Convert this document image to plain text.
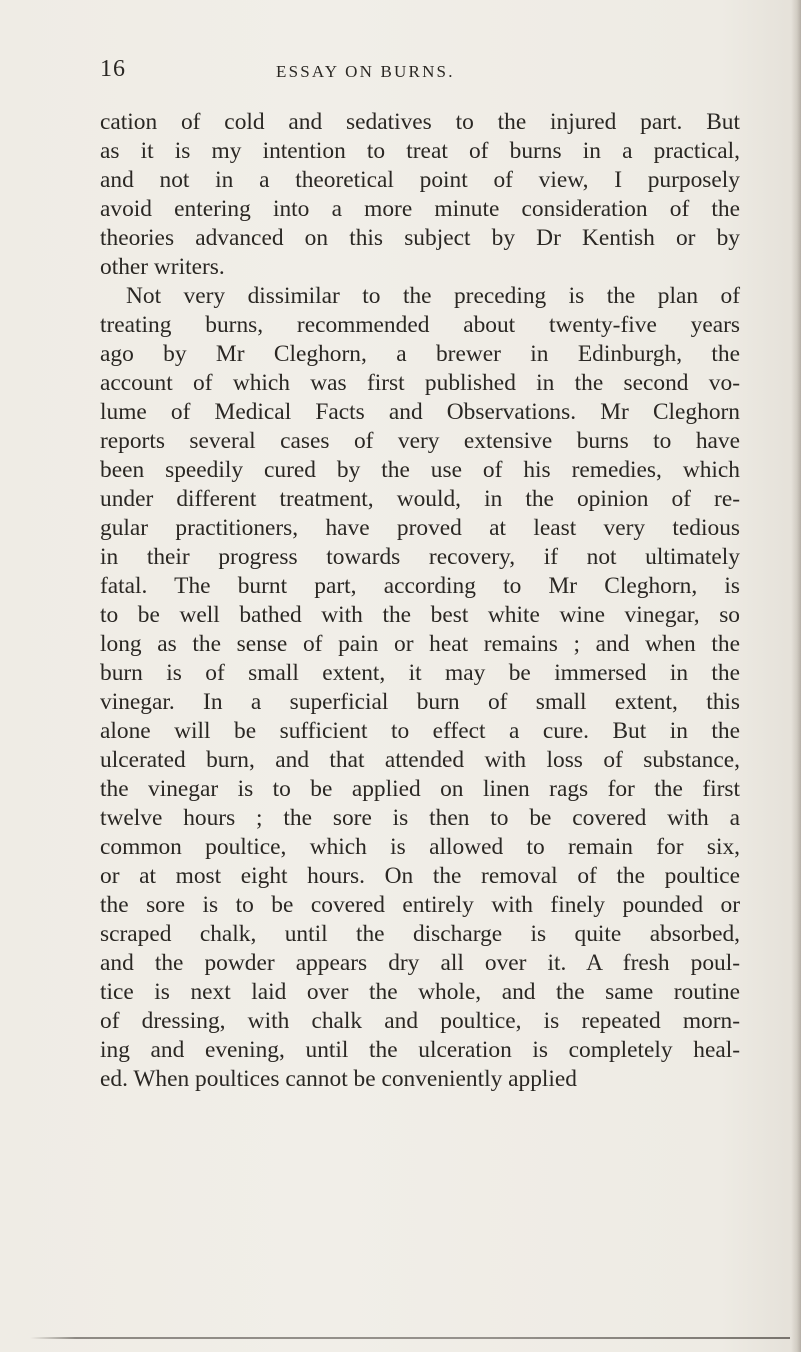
16	ESSAY ON BURNS.
cation of cold and sedatives to the injured part. But
as it is my intention to treat of burns in a practical,
and not in a theoretical point of view, I purposely
avoid entering into a more minute consideration of the
theories advanced on this subject by Dr Kentish or by
other writers.
Not very dissimilar to the preceding is the plan of
treating burns, recommended about twenty-five years
ago by Mr Cleghorn, a brewer in Edinburgh, the
account of which was first published in the second vo-
lume of Medical Facts and Observations. Mr Cleghorn
reports several cases of very extensive burns to have
been speedily cured by the use of his remedies, which
under different treatment, would, in the opinion of re-
gular practitioners, have proved at least very tedious
in their progress towards recovery, if not ultimately
fatal. The burnt part, according to Mr Cleghorn, is
to be well bathed with the best white wine vinegar, so
long as the sense of pain or heat remains ; and when the
burn is of small extent, it may be immersed in the
vinegar. In a superficial burn of small extent, this
alone will be sufficient to effect a cure. But in the
ulcerated burn, and that attended with loss of substance,
the vinegar is to be applied on linen rags for the first
twelve hours ; the sore is then to be covered with a
common poultice, which is allowed to remain for six,
or at most eight hours. On the removal of the poultice
the sore is to be covered entirely with finely pounded or
scraped chalk, until the discharge is quite absorbed,
and the powder appears dry all over it. A fresh poul-
tice is next laid over the whole, and the same routine
of dressing, with chalk and poultice, is repeated morn-
ing and evening, until the ulceration is completely heal-
ed. When poultices cannot be conveniently applied
